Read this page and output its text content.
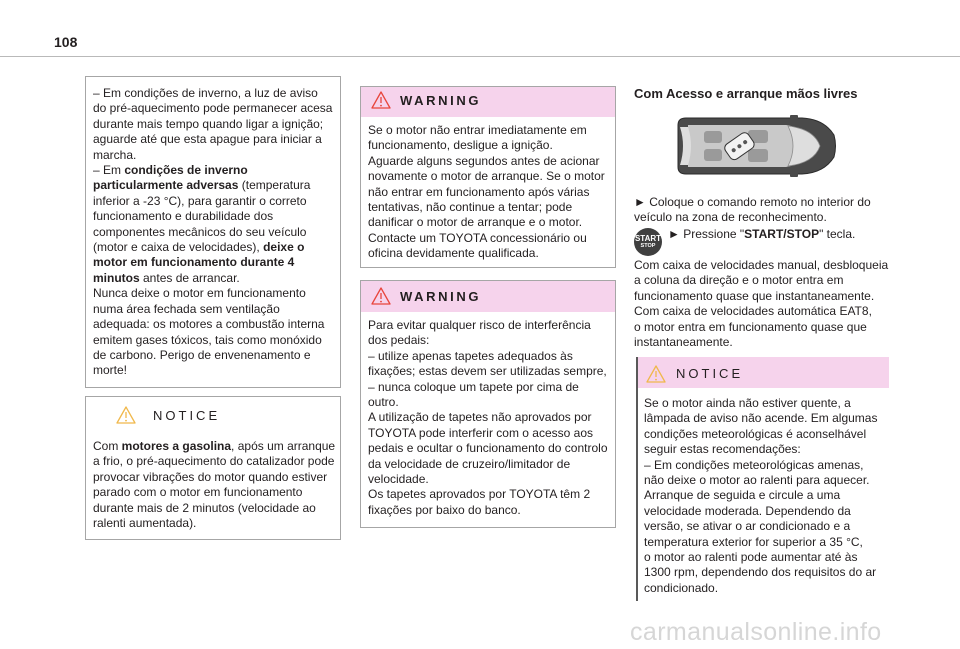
108

– Em condições de inverno, a luz de aviso

do pré-aquecimento pode permanecer acesa

durante mais tempo quando ligar a ignição;

aguarde até que esta apague para iniciar a

marcha.

– Em condições de inverno

particularmente adversas (temperatura

inferior a -23 °C), para garantir o correto

funcionamento e durabilidade dos

componentes mecânicos do seu veículo

(motor e caixa de velocidades), deixe o

motor em funcionamento durante 4

minutos antes de arrancar.

Nunca deixe o motor em funcionamento

numa área fechada sem ventilação

adequada: os motores a combustão interna

emitem gases tóxicos, tais como monóxido

de carbono. Perigo de envenenamento e

morte!

NOTICE

Com motores a gasolina, após um arranque

a frio, o pré-aquecimento do catalizador pode

provocar vibrações do motor quando estiver

parado com o motor em funcionamento

durante mais de 2 minutos (velocidade ao

ralenti aumentada).

WARNING

Se o motor não entrar imediatamente em

funcionamento, desligue a ignição.

Aguarde alguns segundos antes de acionar

novamente o motor de arranque. Se o motor

não entrar em funcionamento após várias

tentativas, não continue a tentar; pode

danificar o motor de arranque e o motor.

Contacte um TOYOTA concessionário ou

oficina devidamente qualificada.

WARNING

Para evitar qualquer risco de interferência

dos pedais:

– utilize apenas tapetes adequados às

fixações; estas devem ser utilizadas sempre,

– nunca coloque um tapete por cima de

outro.

A utilização de tapetes não aprovados por

TOYOTA pode interferir com o acesso aos

pedais e ocultar o funcionamento do controlo

da velocidade de cruzeiro/limitador de

velocidade.

Os tapetes aprovados por TOYOTA têm 2

fixações por baixo do banco.

Com Acesso e arranque mãos livres

► Coloque o comando remoto no interior do

veículo na zona de reconhecimento.

START
STOP

► Pressione "START/STOP" tecla.

Com caixa de velocidades manual, desbloqueia

a coluna da direção e o motor entra em

funcionamento quase que instantaneamente.

Com caixa de velocidades automática EAT8,

o motor entra em funcionamento quase que

instantaneamente.

NOTICE

Se o motor ainda não estiver quente, a

lâmpada de aviso não acende. Em algumas

condições meteorológicas é aconselhável

seguir estas recomendações:

– Em condições meteorológicas amenas,

não deixe o motor ao ralenti para aquecer.

Arranque de seguida e circule a uma

velocidade moderada. Dependendo da

versão, se ativar o ar condicionado e a

temperatura exterior for superior a 35 °C,

o motor ao ralenti pode aumentar até às

1300 rpm, dependendo dos requisitos do ar

condicionado.

carmanualsonline.info
